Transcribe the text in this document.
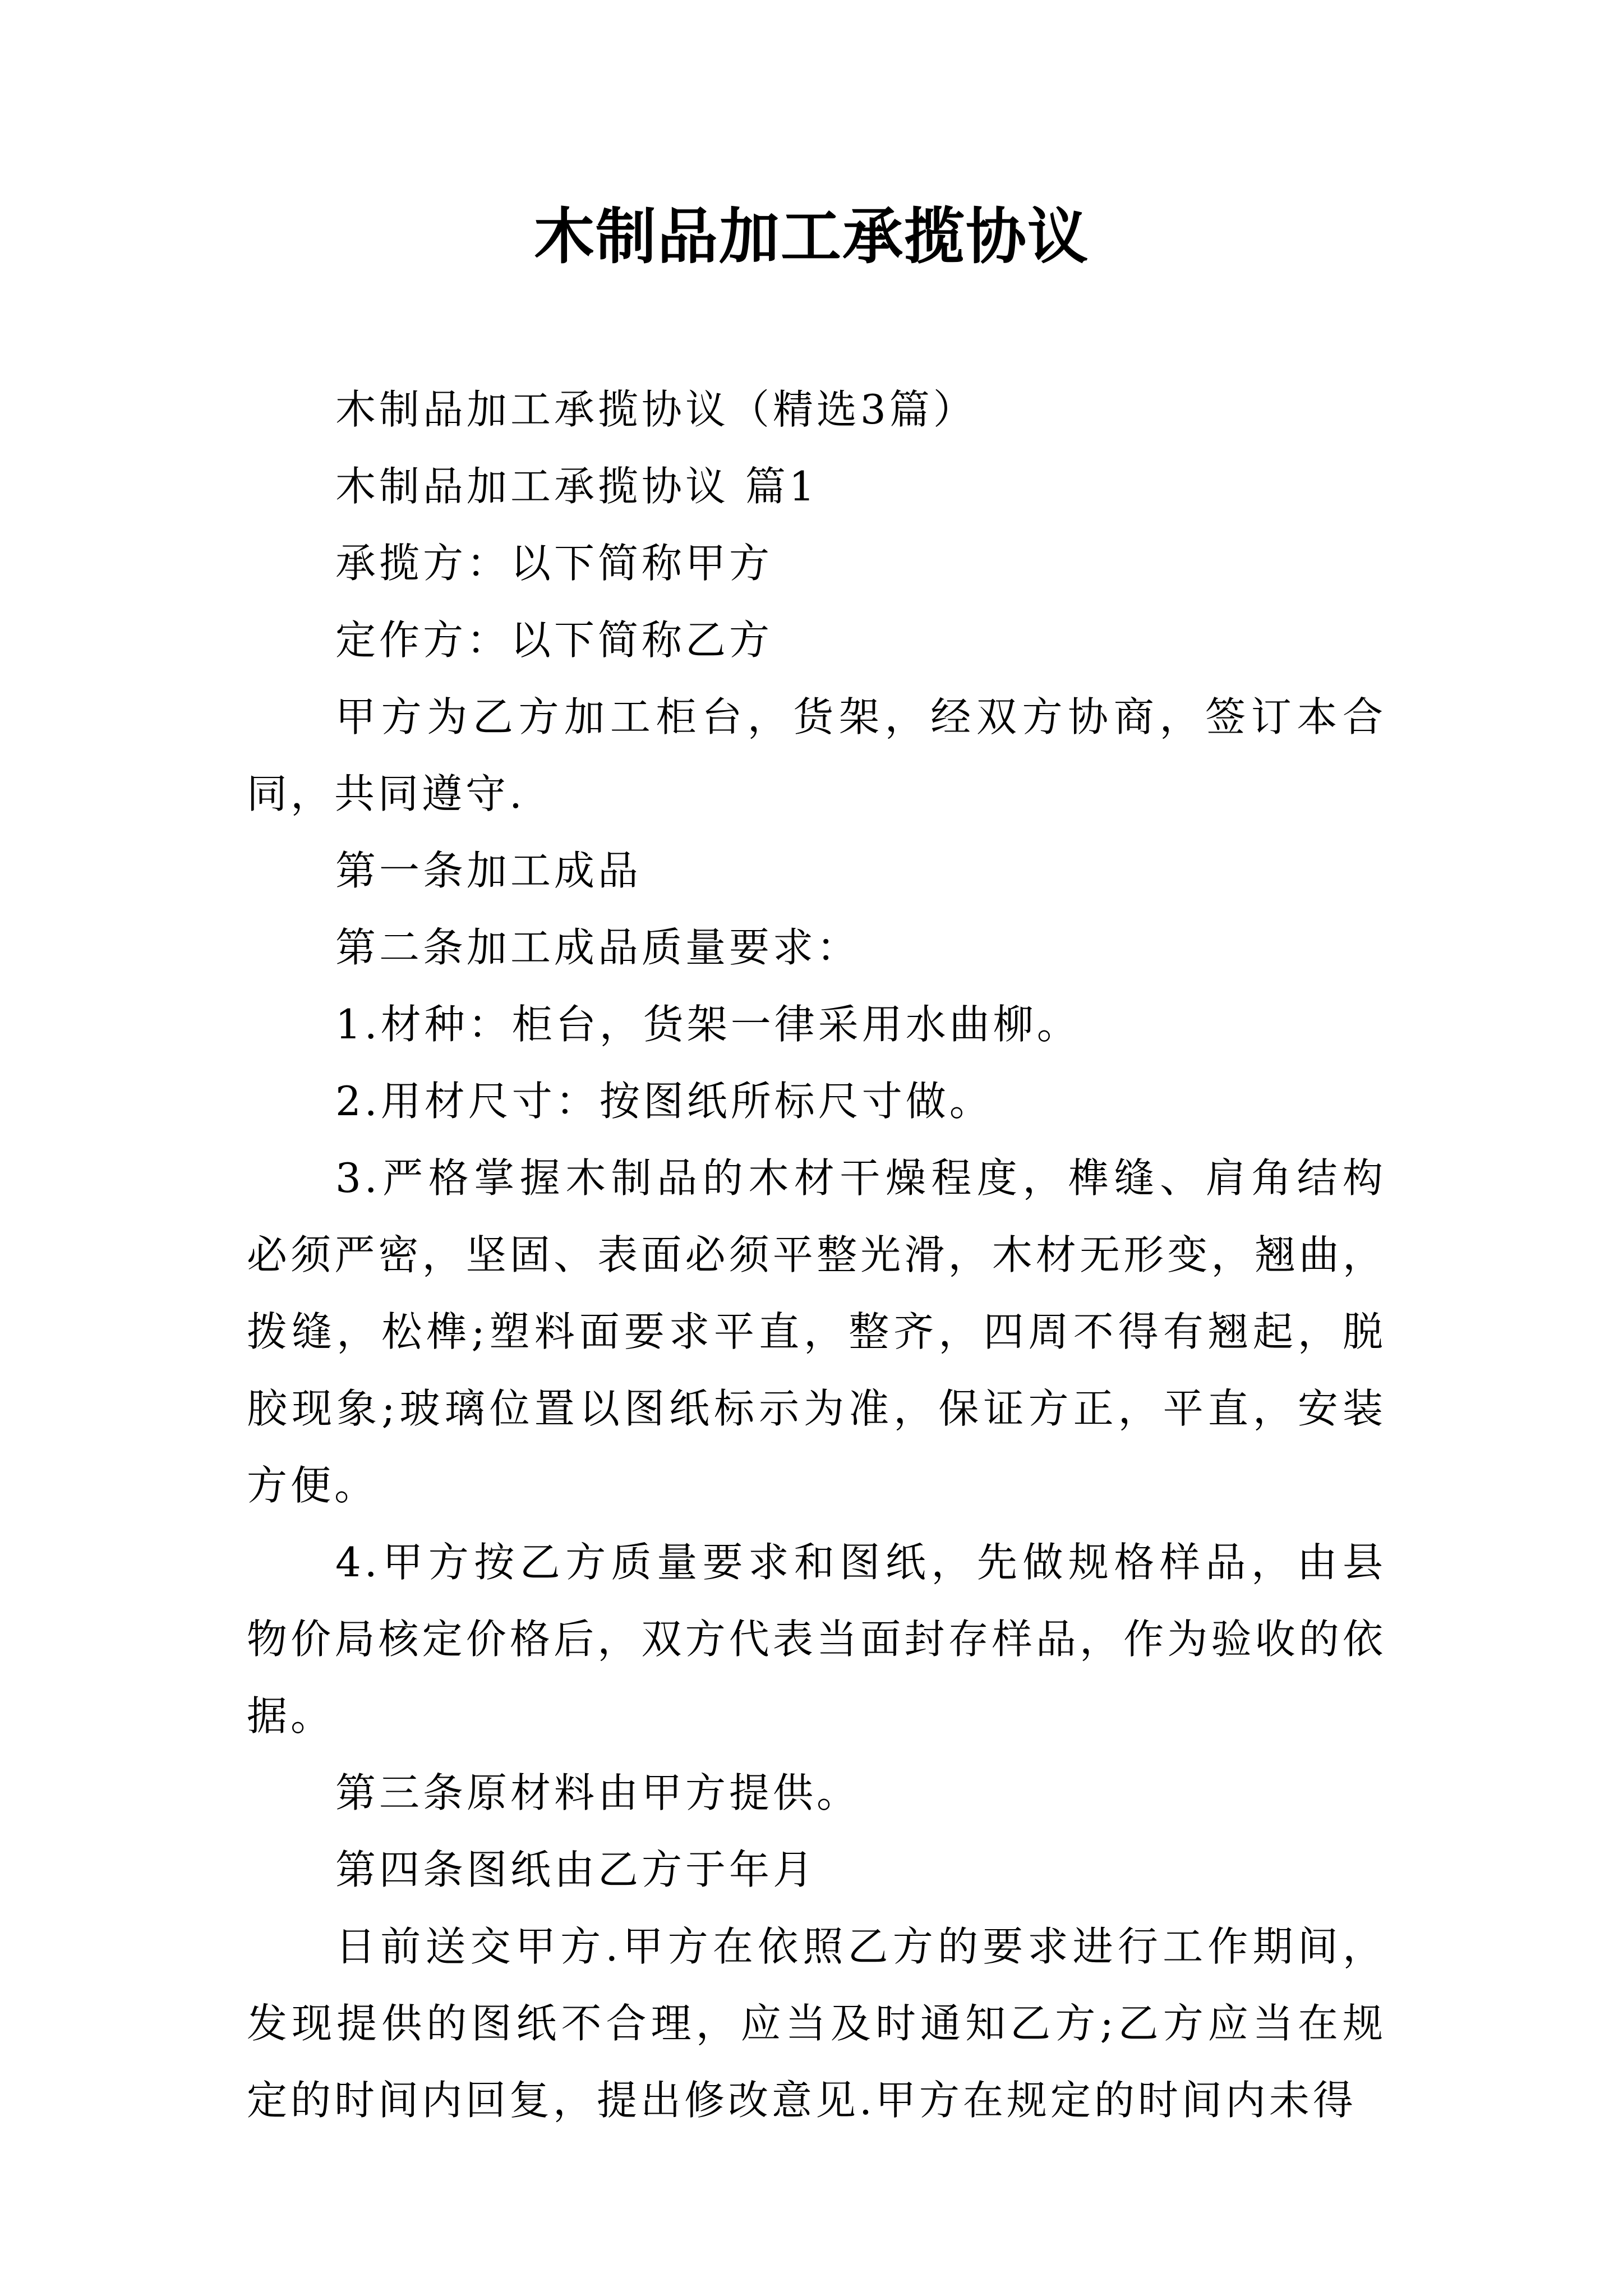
木制品加工承揽协议

木制品加工承揽协议（精选3篇）

木制品加工承揽协议 篇1

承揽方：以下简称甲方

定作方：以下简称乙方

甲方为乙方加工柜台，货架，经双方协商，签订本合同，共同遵守.

第一条加工成品

第二条加工成品质量要求：

1.材种：柜台，货架一律采用水曲柳。

2.用材尺寸：按图纸所标尺寸做。

3.严格掌握木制品的木材干燥程度，榫缝、肩角结构必须严密，坚固、表面必须平整光滑，木材无形变，翘曲，拨缝，松榫;塑料面要求平直，整齐，四周不得有翘起，脱胶现象;玻璃位置以图纸标示为准，保证方正，平直，安装方便。

4.甲方按乙方质量要求和图纸，先做规格样品，由县物价局核定价格后，双方代表当面封存样品，作为验收的依据。

第三条原材料由甲方提供。

第四条图纸由乙方于年月

日前送交甲方.甲方在依照乙方的要求进行工作期间，发现提供的图纸不合理，应当及时通知乙方;乙方应当在规定的时间内回复，提出修改意见.甲方在规定的时间内未得
